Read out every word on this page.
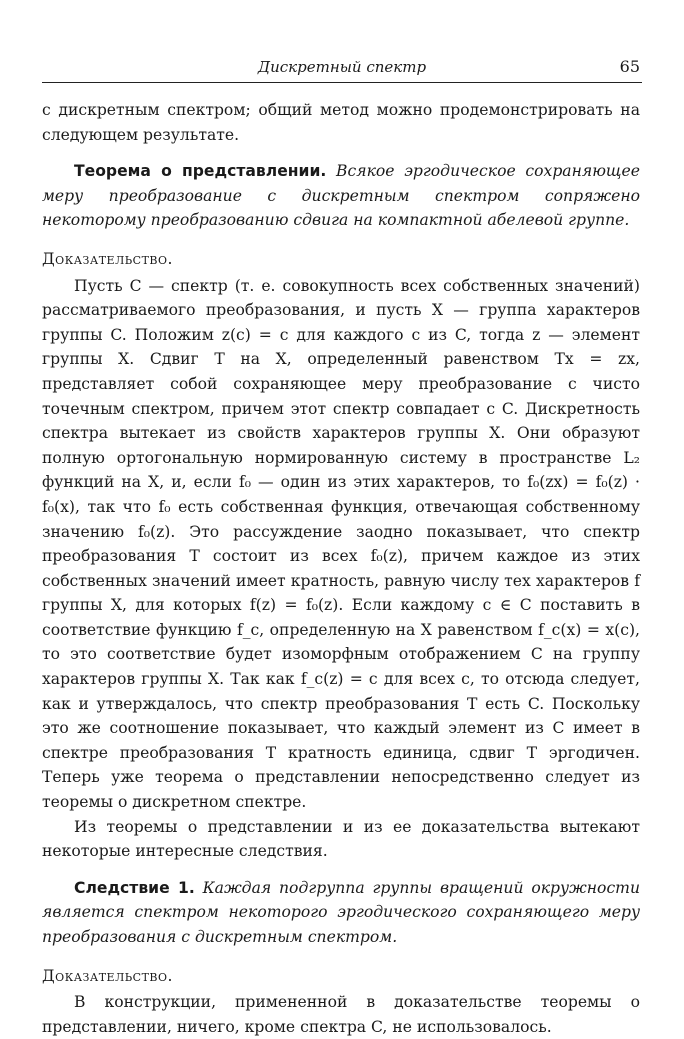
Дискретный спектр	65

с дискретным спектром; общий метод можно продемонстрировать на следующем результате.

Теорема о представлении. Всякое эргодическое сохраняющее меру преобразование с дискретным спектром сопряжено некоторому преобразованию сдвига на компактной абелевой группе.

Доказательство.

Пусть C — спектр (т. е. совокупность всех собственных значений) рассматриваемого преобразования, и пусть X — группа характеров группы C. Положим z(c) = c для каждого c из C, тогда z — элемент группы X. Сдвиг T на X, определенный равенством Tx = zx, представляет собой сохраняющее меру преобразование с чисто точечным спектром, причем этот спектр совпадает с C. Дискретность спектра вытекает из свойств характеров группы X. Они образуют полную ортогональную нормированную систему в пространстве L₂ функций на X, и, если f₀ — один из этих характеров, то f₀(zx) = f₀(z) · f₀(x), так что f₀ есть собственная функция, отвечающая собственному значению f₀(z). Это рассуждение заодно показывает, что спектр преобразования T состоит из всех f₀(z), причем каждое из этих собственных значений имеет кратность, равную числу тех характеров f группы X, для которых f(z) = f₀(z). Если каждому c ∈ C поставить в соответствие функцию f_c, определенную на X равенством f_c(x) = x(c), то это соответствие будет изоморфным отображением C на группу характеров группы X. Так как f_c(z) = c для всех c, то отсюда следует, как и утверждалось, что спектр преобразования T есть C. Поскольку это же соотношение показывает, что каждый элемент из C имеет в спектре преобразования T кратность единица, сдвиг T эргодичен. Теперь уже теорема о представлении непосредственно следует из теоремы о дискретном спектре.

Из теоремы о представлении и из ее доказательства вытекают некоторые интересные следствия.

Следствие 1. Каждая подгруппа группы вращений окружности является спектром некоторого эргодического сохраняющего меру преобразования с дискретным спектром.

Доказательство.

В конструкции, примененной в доказательстве теоремы о представлении, ничего, кроме спектра C, не использовалось.
